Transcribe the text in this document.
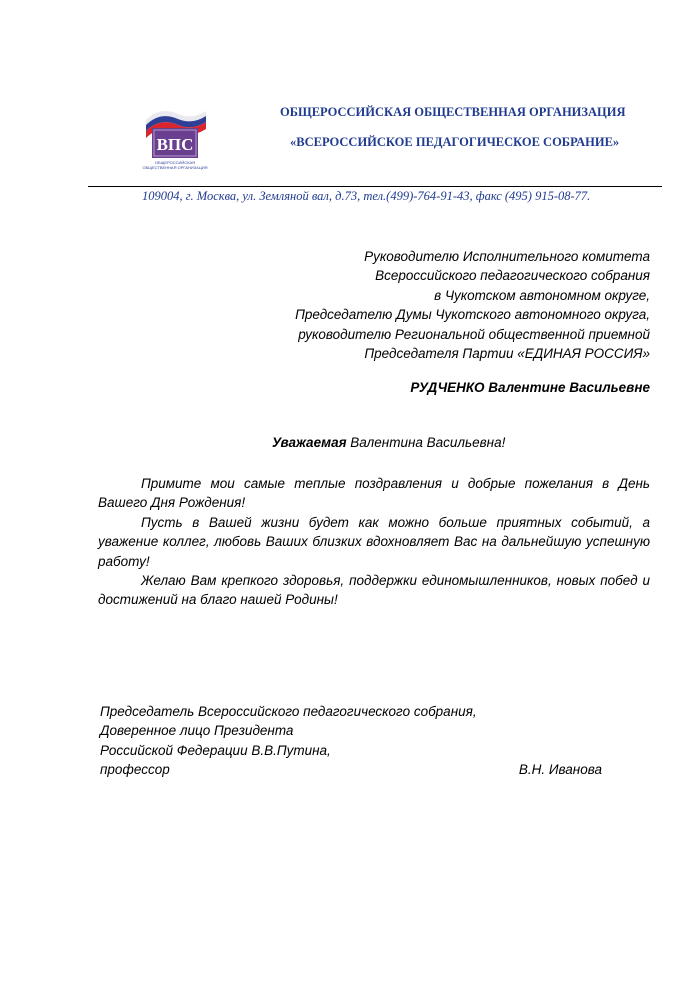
ВПС
ОБЩЕРОССИЙСКАЯ
ОБЩЕСТВЕННАЯ ОРГАНИЗАЦИЯ
ОБЩЕРОССИЙСКАЯ ОБЩЕСТВЕННАЯ ОРГАНИЗАЦИЯ
«ВСЕРОССИЙСКОЕ ПЕДАГОГИЧЕСКОЕ СОБРАНИЕ»
109004, г. Москва, ул. Земляной вал, д.73, тел.(499)-764-91-43, факс (495) 915-08-77.
Руководителю Исполнительного комитета
Всероссийского педагогического собрания
в Чукотском автономном округе,
Председателю Думы Чукотского автономного округа,
руководителю Региональной общественной приемной
Председателя Партии «ЕДИНАЯ РОССИЯ»
РУДЧЕНКО Валентине Васильевне
Уважаемая Валентина Васильевна!

Примите мои самые теплые поздравления и добрые пожелания в День Вашего Дня Рождения!

Пусть в Вашей жизни будет как можно больше приятных событий, а уважение коллег, любовь Ваших близких вдохновляет Вас на дальнейшую успешную работу!

Желаю Вам крепкого здоровья, поддержки единомышленников, новых побед и достижений на благо нашей Родины!

Председатель Всероссийского педагогического собрания,
Доверенное лицо Президента
Российской Федерации В.В.Путина,
профессор	В.Н. Иванова
